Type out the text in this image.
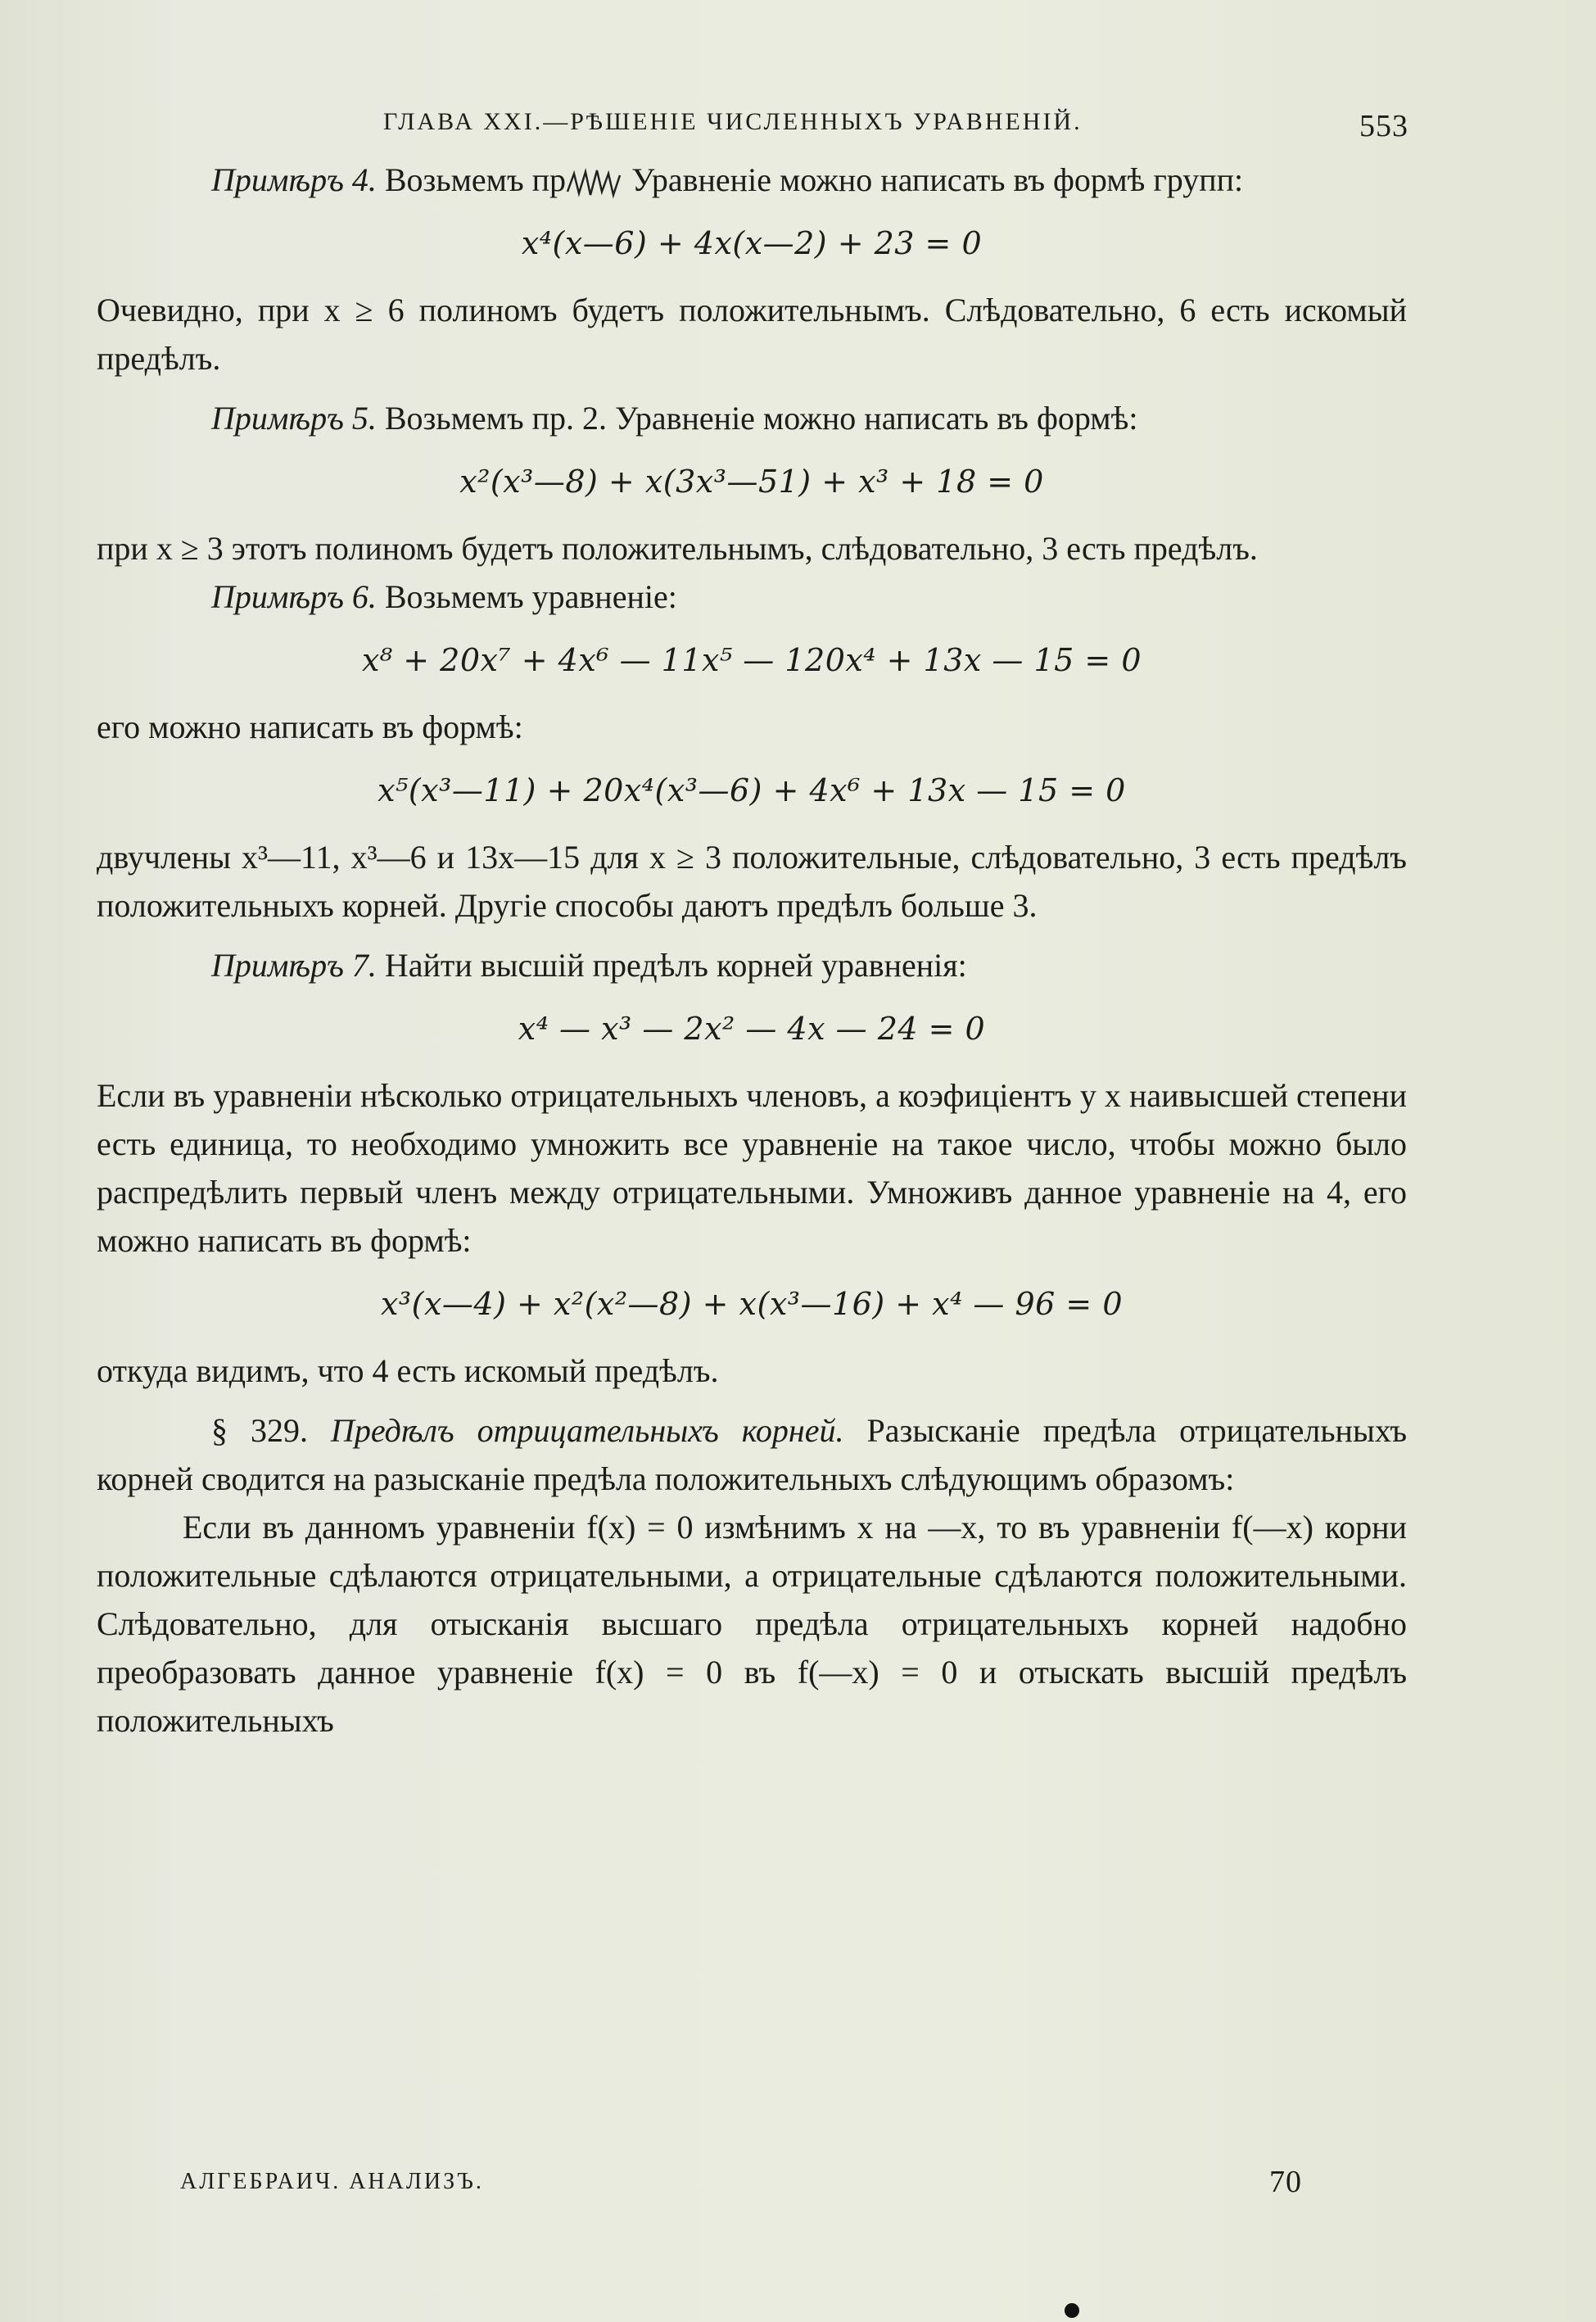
ГЛАВА XXI.—РѢШЕНІЕ ЧИСЛЕННЫХЪ УРАВНЕНІЙ.	553

Примѣръ 4. Возьмемъ пр Уравненіе можно написать въ формѣ групп:

x⁴(x—6) + 4x(x—2) + 23 = 0

Очевидно, при x ≥ 6 полиномъ будетъ положительнымъ. Слѣдовательно, 6 есть искомый предѣлъ.

Примѣръ 5. Возьмемъ пр. 2. Уравненіе можно написать въ формѣ:

x²(x³—8) + x(3x³—51) + x³ + 18 = 0

при x ≥ 3 этотъ полиномъ будетъ положительнымъ, слѣдовательно, 3 есть предѣлъ.

Примѣръ 6. Возьмемъ уравненіе:

x⁸ + 20x⁷ + 4x⁶ — 11x⁵ — 120x⁴ + 13x — 15 = 0

его можно написать въ формѣ:

x⁵(x³—11) + 20x⁴(x³—6) + 4x⁶ + 13x — 15 = 0

двучлены x³—11, x³—6 и 13x—15 для x ≥ 3 положительные, слѣдовательно, 3 есть предѣлъ положительныхъ корней. Другіе способы даютъ предѣлъ больше 3.

Примѣръ 7. Найти высшій предѣлъ корней уравненія:

x⁴ — x³ — 2x² — 4x — 24 = 0

Если въ уравненіи нѣсколько отрицательныхъ членовъ, а коэфиціентъ у x наивысшей степени есть единица, то необходимо умножить все уравненіе на такое число, чтобы можно было распредѣлить первый членъ между отрицательными. Умноживъ данное уравненіе на 4, его можно написать въ формѣ:

x³(x—4) + x²(x²—8) + x(x³—16) + x⁴ — 96 = 0

откуда видимъ, что 4 есть искомый предѣлъ.

§ 329. Предѣлъ отрицательныхъ корней. Разысканіе предѣла отрицательныхъ корней сводится на разысканіе предѣла положительныхъ слѣдующимъ образомъ:

Если въ данномъ уравненіи f(x) = 0 измѣнимъ x на —x, то въ уравненіи f(—x) корни положительные сдѣлаются отрицательными, а отрицательные сдѣлаются положительными. Слѣдовательно, для отысканія высшаго предѣла отрицательныхъ корней надобно преобразовать данное уравненіе f(x) = 0 въ f(—x) = 0 и отыскать высшій предѣлъ положительныхъ

АЛГЕБРАИЧ. АНАЛИЗЪ.	70
